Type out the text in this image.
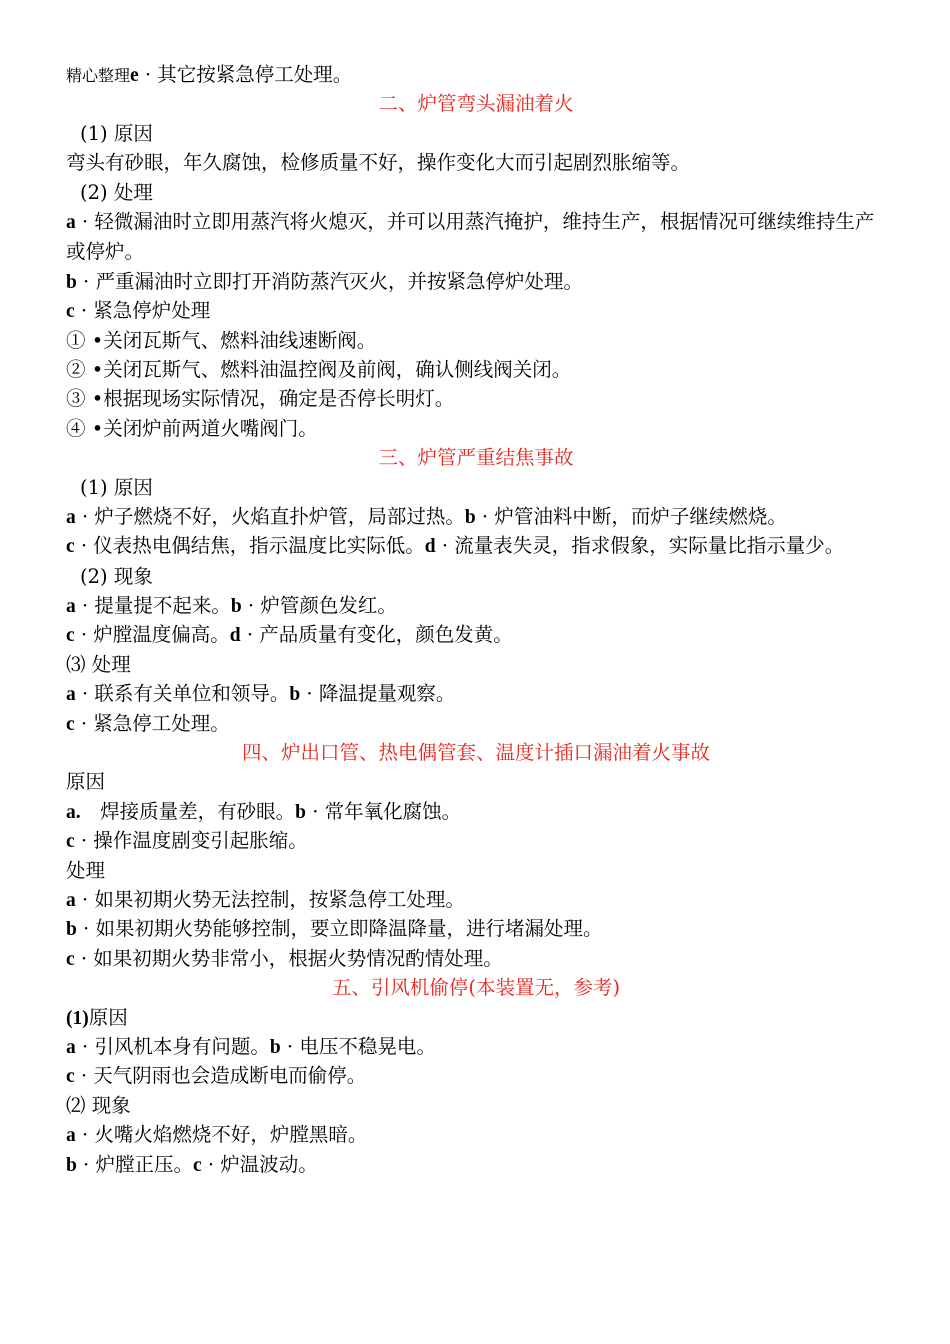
精心整理e · 其它按紧急停工处理。
二、炉管弯头漏油着火
(1) 原因
弯头有砂眼，年久腐蚀，检修质量不好，操作变化大而引起剧烈胀缩等。
(2) 处理
a · 轻微漏油时立即用蒸汽将火熄灭，并可以用蒸汽掩护，维持生产，根据情况可继续维持生产或停炉。
b · 严重漏油时立即打开消防蒸汽灭火，并按紧急停炉处理。
c · 紧急停炉处理
① •关闭瓦斯气、燃料油线速断阀。
② •关闭瓦斯气、燃料油温控阀及前阀，确认侧线阀关闭。
③ •根据现场实际情况，确定是否停长明灯。
④ •关闭炉前两道火嘴阀门。
三、炉管严重结焦事故
(1) 原因
a · 炉子燃烧不好，火焰直扑炉管，局部过热。b · 炉管油料中断，而炉子继续燃烧。
c · 仪表热电偶结焦，指示温度比实际低。d · 流量表失灵，指求假象，实际量比指示量少。
(2) 现象
a · 提量提不起来。b · 炉管颜色发红。
c · 炉膛温度偏高。d · 产品质量有变化，颜色发黄。
⑶ 处理
a · 联系有关单位和领导。b · 降温提量观察。
c · 紧急停工处理。
四、炉出口管、热电偶管套、温度计插口漏油着火事故
原因
a.　焊接质量差，有砂眼。b · 常年氧化腐蚀。
c · 操作温度剧变引起胀缩。
处理
a · 如果初期火势无法控制，按紧急停工处理。
b · 如果初期火势能够控制，要立即降温降量，进行堵漏处理。
c · 如果初期火势非常小，根据火势情况酌情处理。
五、引风机偷停(本装置无，参考)
(1)原因
a · 引风机本身有问题。b · 电压不稳晃电。
c · 天气阴雨也会造成断电而偷停。
⑵ 现象
a · 火嘴火焰燃烧不好，炉膛黑暗。
b · 炉膛正压。c · 炉温波动。
